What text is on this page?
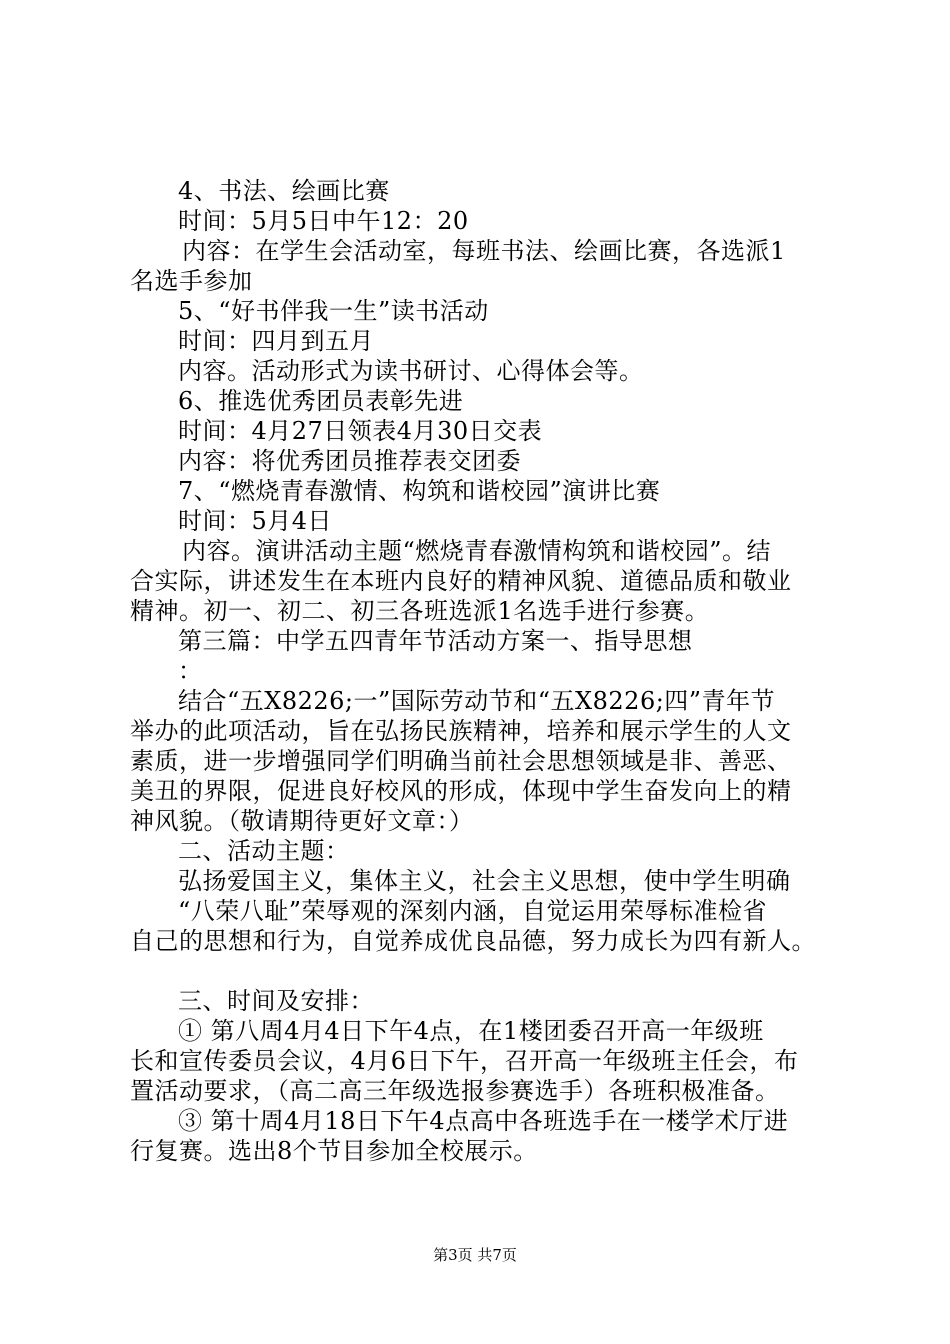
4、书法、绘画比赛
时间：5月5日中午12：20
内容：在学生会活动室，每班书法、绘画比赛，各选派1
名选手参加
5、“好书伴我一生”读书活动
时间：四月到五月
内容。活动形式为读书研讨、心得体会等。
6、推选优秀团员表彰先进
时间：4月27日领表4月30日交表
内容：将优秀团员推荐表交团委
7、“燃烧青春激情、构筑和谐校园”演讲比赛
时间：5月4日
内容。演讲活动主题“燃烧青春激情构筑和谐校园”。结
合实际，讲述发生在本班内良好的精神风貌、道德品质和敬业
精神。初一、初二、初三各班选派1名选手进行参赛。
第三篇：中学五四青年节活动方案一、指导思想
：
结合“五X8226;一”国际劳动节和“五X8226;四”青年节
举办的此项活动，旨在弘扬民族精神，培养和展示学生的人文
素质，进一步增强同学们明确当前社会思想领域是非、善恶、
美丑的界限，促进良好校风的形成，体现中学生奋发向上的精
神风貌。（敬请期待更好文章：）
二、活动主题：
弘扬爱国主义，集体主义，社会主义思想，使中学生明确
“八荣八耻”荣辱观的深刻内涵，自觉运用荣辱标准检省
自己的思想和行为，自觉养成优良品德，努力成长为四有新人。
三、时间及安排：
① 第八周4月4日下午4点，在1楼团委召开高一年级班
长和宣传委员会议，4月6日下午，召开高一年级班主任会，布
置活动要求，（高二高三年级选报参赛选手）各班积极准备。
③ 第十周4月18日下午4点高中各班选手在一楼学术厅进
行复赛。选出8个节目参加全校展示。
第3页 共7页
